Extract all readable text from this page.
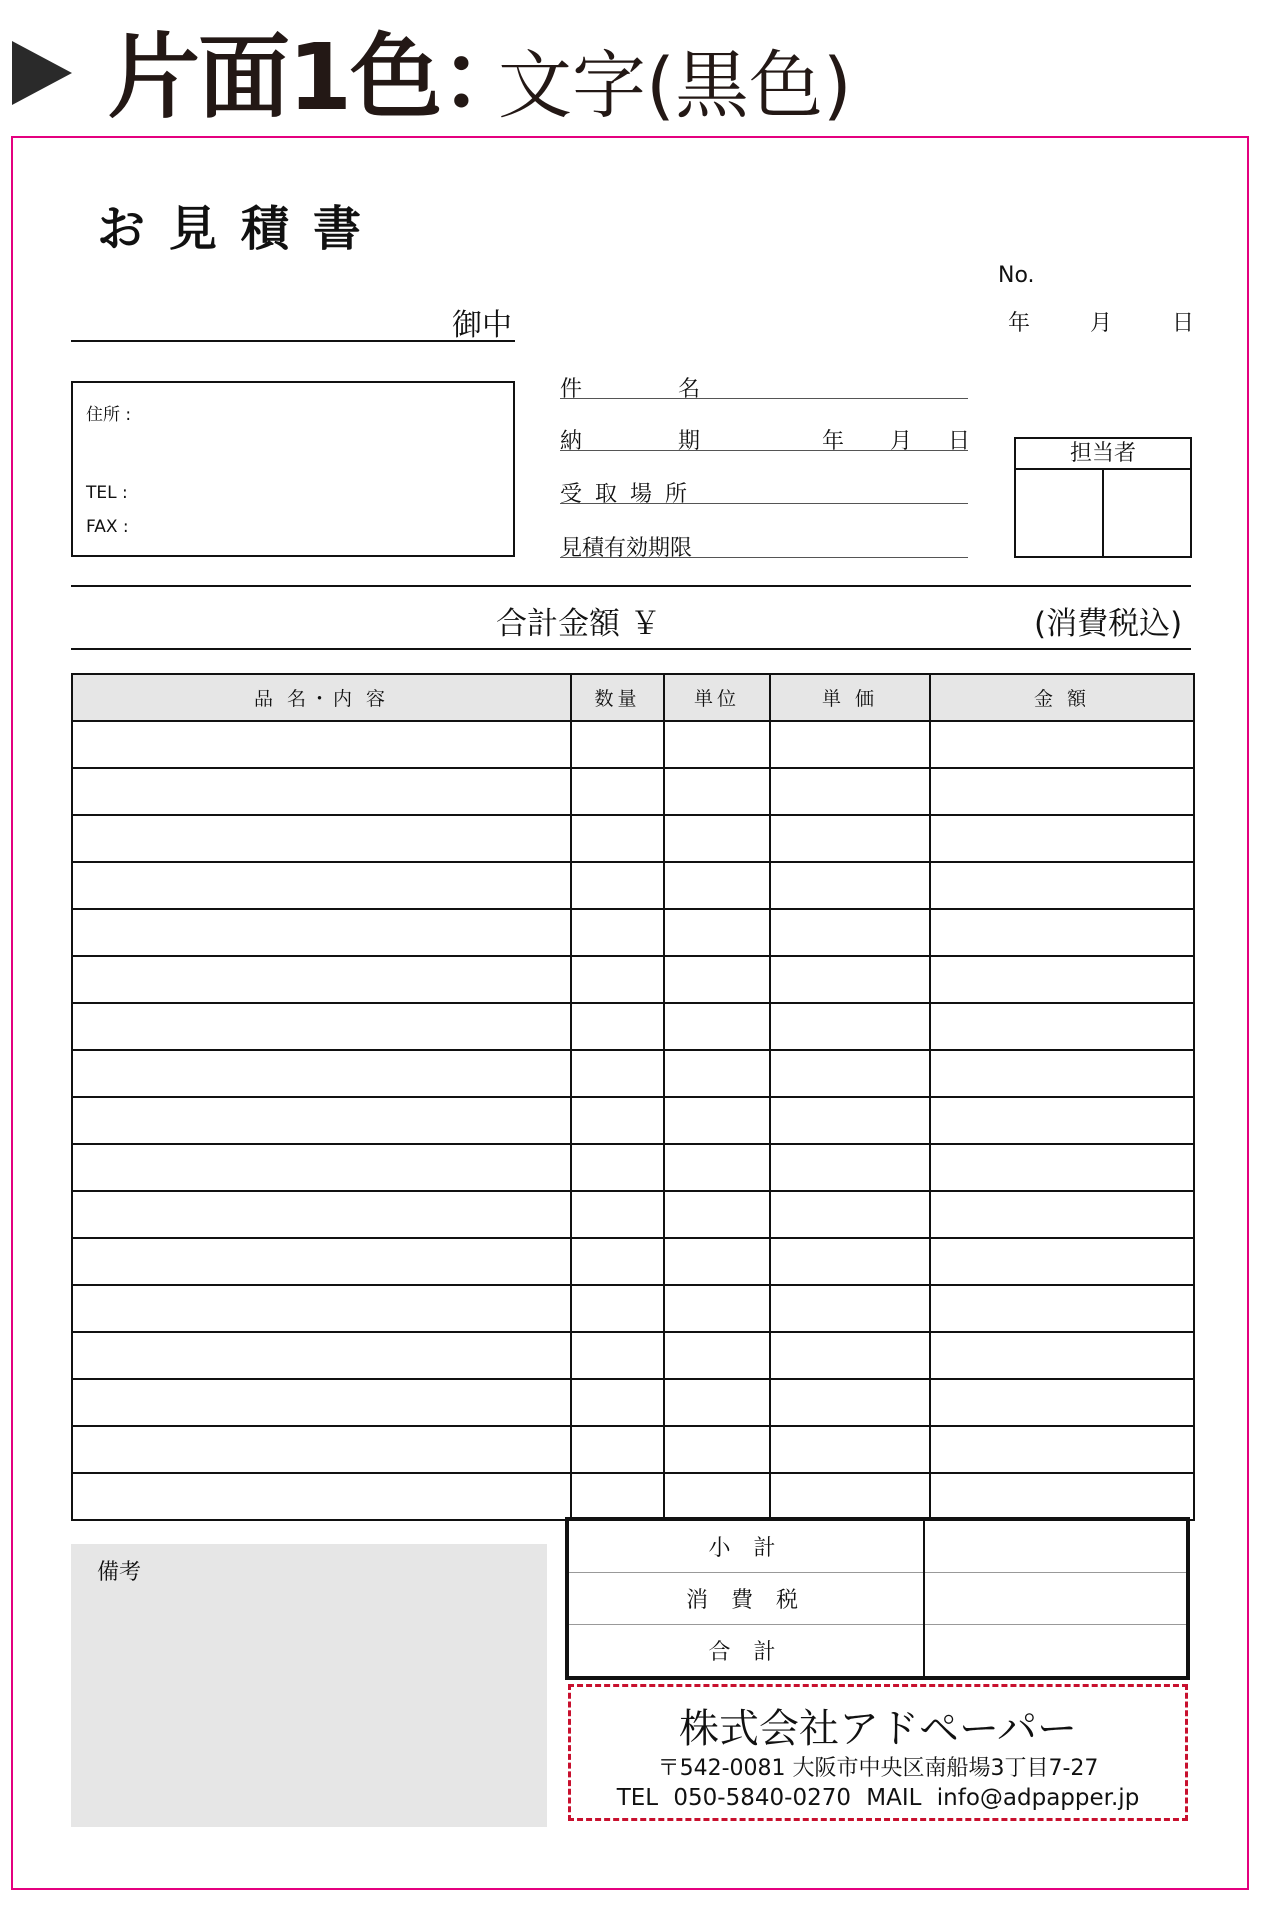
片面1色：
文字(黒色)
お見積書
No.
年	月	日
御中
住所 :
TEL :
FAX :
件	名
納	期	年 月 日
受 取 場 所
見積有効期限
担当者
合計金額 ￥	(消費税込)
品 名・内 容	数量	単位	単 価	金 額

備考
小 計	
消 費 税	
合 計	
株式会社アドペーパー
〒542-0081 大阪市中央区南船場3丁目7-27
TEL 050-5840-0270 MAIL info@adpapper.jp
